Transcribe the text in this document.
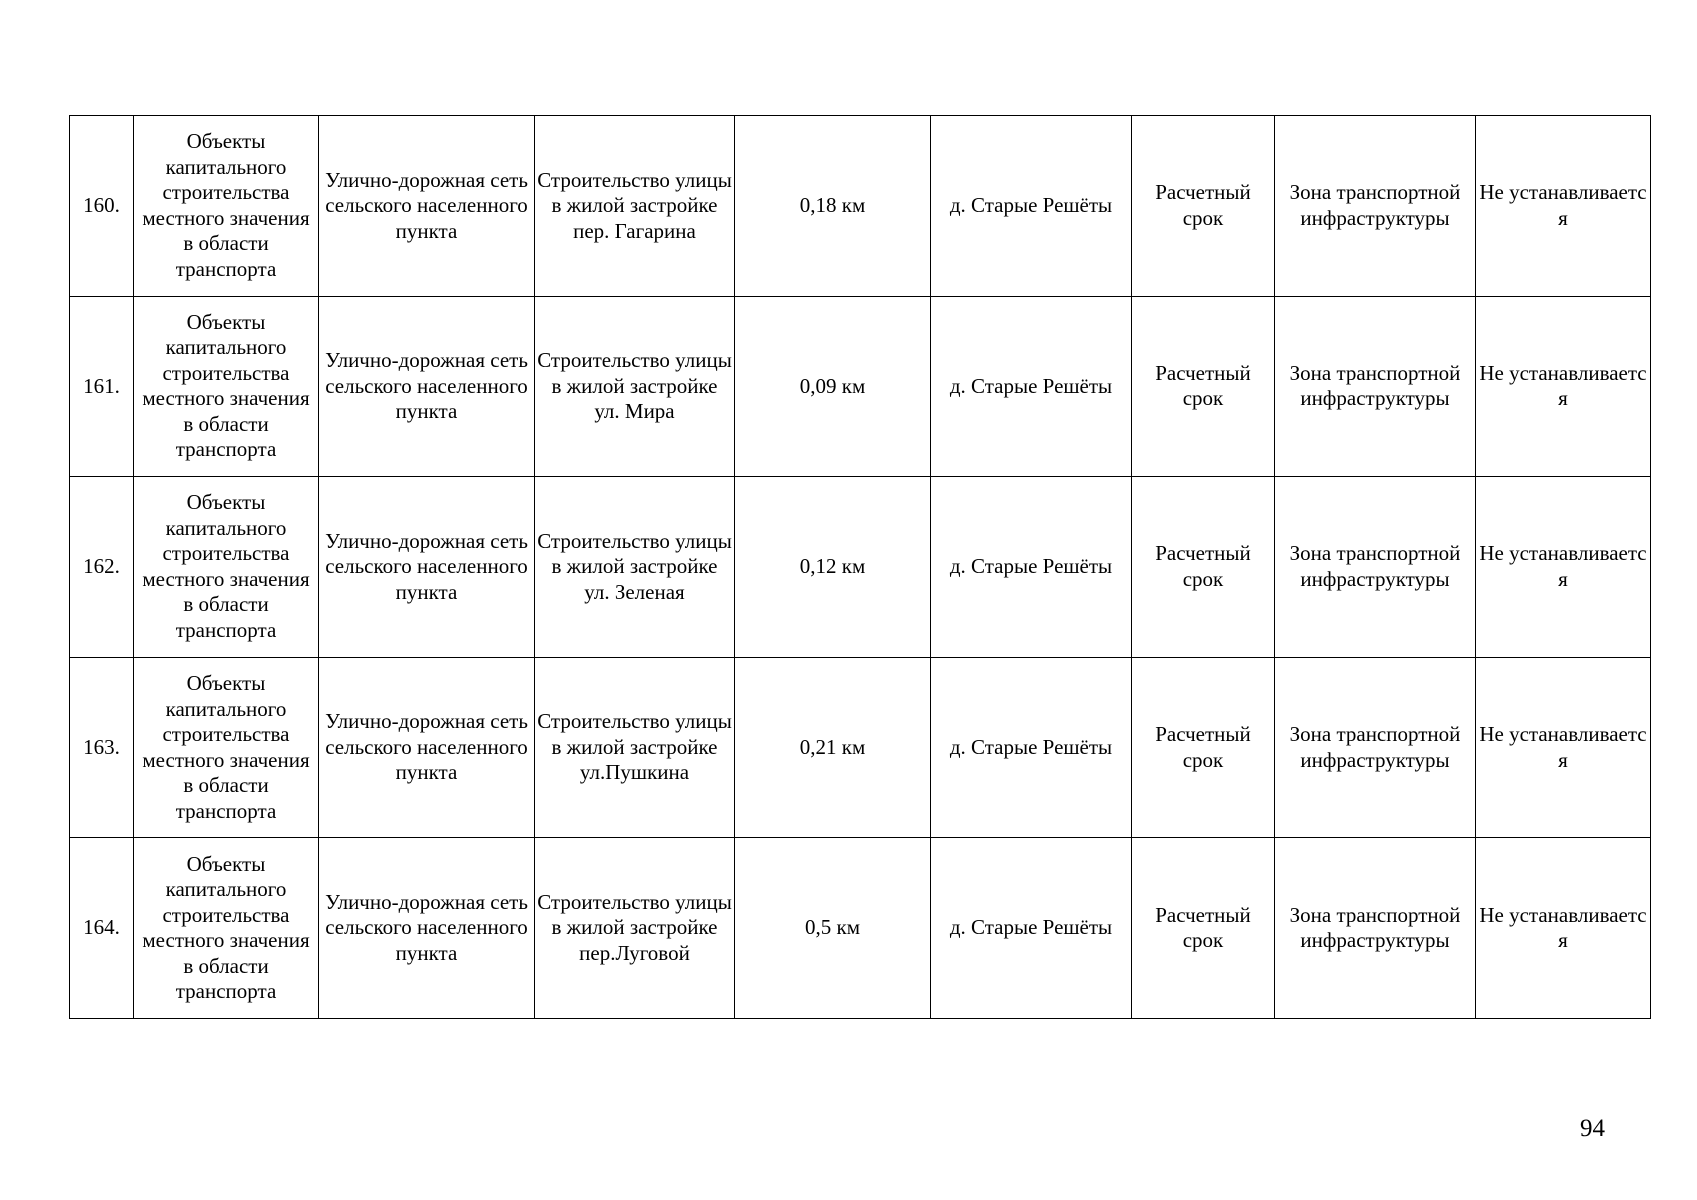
160.	Объекты капитального строительства местного значения в области транспорта	Улично-дорожная сеть сельского населенного пункта	Строительство улицы в жилой застройке пер. Гагарина	0,18 км	д. Старые Решёты	Расчетный срок	Зона транспортной инфраструктуры	Не устанавливается

161.	Объекты капитального строительства местного значения в области транспорта	Улично-дорожная сеть сельского населенного пункта	Строительство улицы в жилой застройке ул. Мира	0,09 км	д. Старые Решёты	Расчетный срок	Зона транспортной инфраструктуры	Не устанавливается

162.	Объекты капитального строительства местного значения в области транспорта	Улично-дорожная сеть сельского населенного пункта	Строительство улицы в жилой застройке ул. Зеленая	0,12 км	д. Старые Решёты	Расчетный срок	Зона транспортной инфраструктуры	Не устанавливается

163.	Объекты капитального строительства местного значения в области транспорта	Улично-дорожная сеть сельского населенного пункта	Строительство улицы в жилой застройке ул.Пушкина	0,21 км	д. Старые Решёты	Расчетный срок	Зона транспортной инфраструктуры	Не устанавливается

164.	Объекты капитального строительства местного значения в области транспорта	Улично-дорожная сеть сельского населенного пункта	Строительство улицы в жилой застройке пер.Луговой	0,5 км	д. Старые Решёты	Расчетный срок	Зона транспортной инфраструктуры	Не устанавливается
94
